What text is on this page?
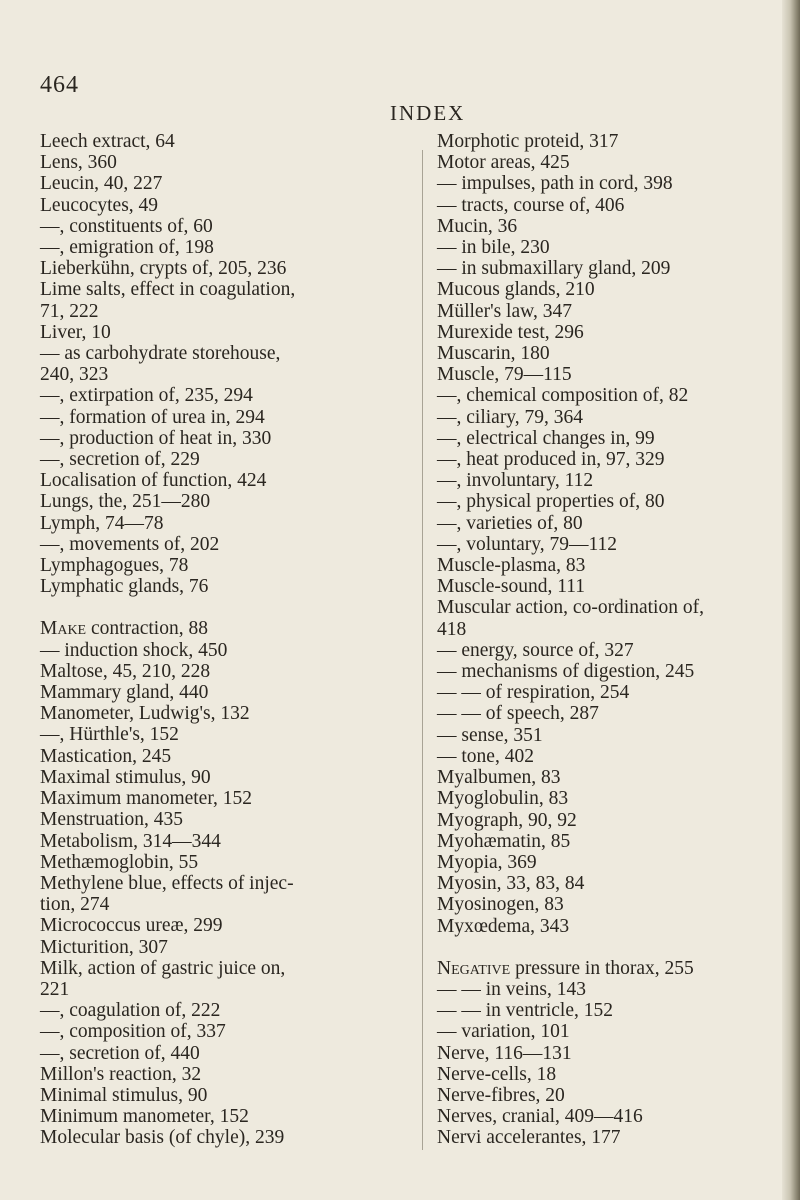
464
INDEX

Leech extract, 64

Lens, 360

Leucin, 40, 227

Leucocytes, 49

—, constituents of, 60

—, emigration of, 198

Lieberkühn, crypts of, 205, 236

Lime salts, effect in coagulation,

71, 222

Liver, 10

— as carbohydrate storehouse,

240, 323

—, extirpation of, 235, 294

—, formation of urea in, 294

—, production of heat in, 330

—, secretion of, 229

Localisation of function, 424

Lungs, the, 251—280

Lymph, 74—78

—, movements of, 202

Lymphagogues, 78

Lymphatic glands, 76

Make contraction, 88

— induction shock, 450

Maltose, 45, 210, 228

Mammary gland, 440

Manometer, Ludwig's, 132

—, Hürthle's, 152

Mastication, 245

Maximal stimulus, 90

Maximum manometer, 152

Menstruation, 435

Metabolism, 314—344

Methæmoglobin, 55

Methylene blue, effects of injec-

tion, 274

Micrococcus ureæ, 299

Micturition, 307

Milk, action of gastric juice on,

221

—, coagulation of, 222

—, composition of, 337

—, secretion of, 440

Millon's reaction, 32

Minimal stimulus, 90

Minimum manometer, 152

Molecular basis (of chyle), 239

Morphotic proteid, 317

Motor areas, 425

— impulses, path in cord, 398

— tracts, course of, 406

Mucin, 36

— in bile, 230

— in submaxillary gland, 209

Mucous glands, 210

Müller's law, 347

Murexide test, 296

Muscarin, 180

Muscle, 79—115

—, chemical composition of, 82

—, ciliary, 79, 364

—, electrical changes in, 99

—, heat produced in, 97, 329

—, involuntary, 112

—, physical properties of, 80

—, varieties of, 80

—, voluntary, 79—112

Muscle-plasma, 83

Muscle-sound, 111

Muscular action, co-ordination of,

418

— energy, source of, 327

— mechanisms of digestion, 245

— — of respiration, 254

— — of speech, 287

— sense, 351

— tone, 402

Myalbumen, 83

Myoglobulin, 83

Myograph, 90, 92

Myohæmatin, 85

Myopia, 369

Myosin, 33, 83, 84

Myosinogen, 83

Myxœdema, 343

Negative pressure in thorax, 255

— — in veins, 143

— — in ventricle, 152

— variation, 101

Nerve, 116—131

Nerve-cells, 18

Nerve-fibres, 20

Nerves, cranial, 409—416

Nervi accelerantes, 177
